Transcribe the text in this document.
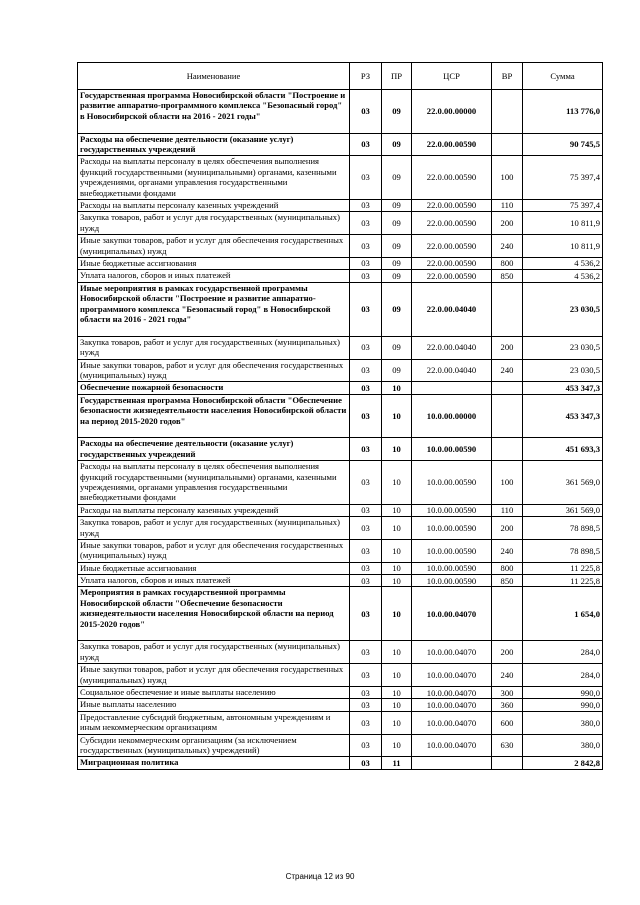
Наименование	РЗ	ПР	ЦСР	ВР	Сумма
Государственная программа Новосибирской области "Построение и развитие аппаратно-программного комплекса "Безопасный город" в Новосибирской области на 2016 - 2021 годы"	03	09	22.0.00.00000		113 776,0
Расходы на обеспечение деятельности (оказание услуг) государственных учреждений	03	09	22.0.00.00590		90 745,5
Расходы на выплаты персоналу в целях обеспечения выполнения функций государственными (муниципальными) органами, казенными учреждениями, органами управления государственными внебюджетными фондами	03	09	22.0.00.00590	100	75 397,4
Расходы на выплаты персоналу казенных учреждений	03	09	22.0.00.00590	110	75 397,4
Закупка товаров, работ и услуг для государственных (муниципальных) нужд	03	09	22.0.00.00590	200	10 811,9
Иные закупки товаров, работ и услуг для обеспечения государственных (муниципальных) нужд	03	09	22.0.00.00590	240	10 811,9
Иные бюджетные ассигнования	03	09	22.0.00.00590	800	4 536,2
Уплата налогов, сборов и иных платежей	03	09	22.0.00.00590	850	4 536,2
Иные мероприятия в рамках государственной программы Новосибирской области "Построение и развитие аппаратно-программного комплекса "Безопасный город" в Новосибирской области на 2016 - 2021 годы"	03	09	22.0.00.04040		23 030,5
Закупка товаров, работ и услуг для государственных (муниципальных) нужд	03	09	22.0.00.04040	200	23 030,5
Иные закупки товаров, работ и услуг для обеспечения государственных (муниципальных) нужд	03	09	22.0.00.04040	240	23 030,5
Обеспечение пожарной безопасности	03	10			453 347,3
Государственная программа Новосибирской области "Обеспечение безопасности жизнедеятельности населения Новосибирской области на период 2015-2020 годов"	03	10	10.0.00.00000		453 347,3
Расходы на обеспечение деятельности (оказание услуг) государственных учреждений	03	10	10.0.00.00590		451 693,3
Расходы на выплаты персоналу в целях обеспечения выполнения функций государственными (муниципальными) органами, казенными учреждениями, органами управления государственными внебюджетными фондами	03	10	10.0.00.00590	100	361 569,0
Расходы на выплаты персоналу казенных учреждений	03	10	10.0.00.00590	110	361 569,0
Закупка товаров, работ и услуг для государственных (муниципальных) нужд	03	10	10.0.00.00590	200	78 898,5
Иные закупки товаров, работ и услуг для обеспечения государственных (муниципальных) нужд	03	10	10.0.00.00590	240	78 898,5
Иные бюджетные ассигнования	03	10	10.0.00.00590	800	11 225,8
Уплата налогов, сборов и иных платежей	03	10	10.0.00.00590	850	11 225,8
Мероприятия в рамках государственной программы Новосибирской области "Обеспечение безопасности жизнедеятельности населения Новосибирской области на период 2015-2020 годов"	03	10	10.0.00.04070		1 654,0
Закупка товаров, работ и услуг для государственных (муниципальных) нужд	03	10	10.0.00.04070	200	284,0
Иные закупки товаров, работ и услуг для обеспечения государственных (муниципальных) нужд	03	10	10.0.00.04070	240	284,0
Социальное обеспечение и иные выплаты населению	03	10	10.0.00.04070	300	990,0
Иные выплаты населению	03	10	10.0.00.04070	360	990,0
Предоставление субсидий бюджетным, автономным учреждениям и иным некоммерческим организациям	03	10	10.0.00.04070	600	380,0
Субсидии некоммерческим организациям (за исключением государственных (муниципальных) учреждений)	03	10	10.0.00.04070	630	380,0
Миграционная политика	03	11			2 842,8
Страница 12 из 90
